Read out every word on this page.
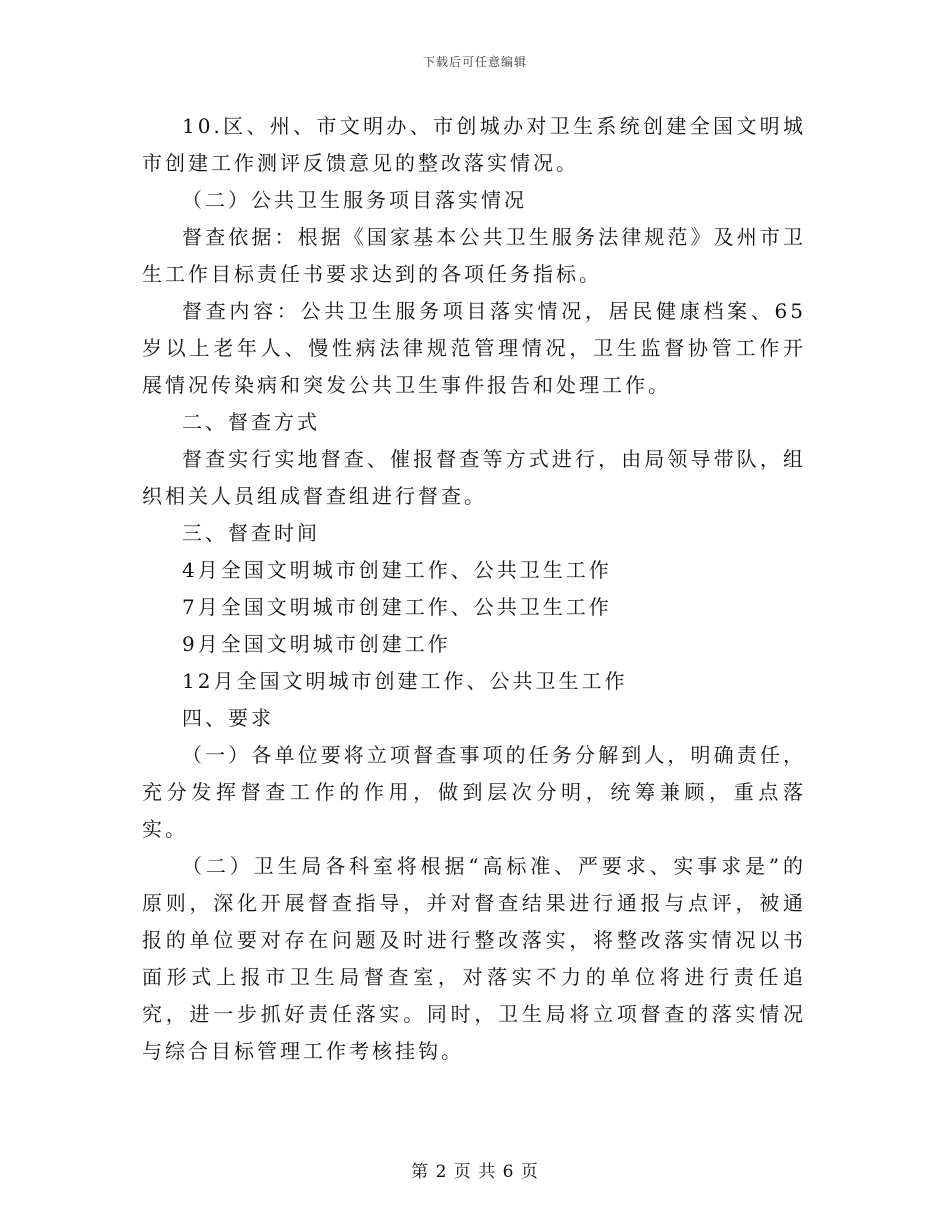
下载后可任意编辑

10.区、州、市文明办、市创城办对卫生系统创建全国文明城市创建工作测评反馈意见的整改落实情况。

（二）公共卫生服务项目落实情况

督查依据：根据《国家基本公共卫生服务法律规范》及州市卫生工作目标责任书要求达到的各项任务指标。

督查内容：公共卫生服务项目落实情况，居民健康档案、65岁以上老年人、慢性病法律规范管理情况，卫生监督协管工作开展情况传染病和突发公共卫生事件报告和处理工作。

二、督查方式

督查实行实地督查、催报督查等方式进行，由局领导带队，组织相关人员组成督查组进行督查。

三、督查时间

4月全国文明城市创建工作、公共卫生工作

7月全国文明城市创建工作、公共卫生工作

9月全国文明城市创建工作

12月全国文明城市创建工作、公共卫生工作

四、要求

（一）各单位要将立项督查事项的任务分解到人，明确责任，充分发挥督查工作的作用，做到层次分明，统筹兼顾，重点落实。

（二）卫生局各科室将根据“高标准、严要求、实事求是”的原则，深化开展督查指导，并对督查结果进行通报与点评，被通报的单位要对存在问题及时进行整改落实，将整改落实情况以书面形式上报市卫生局督查室，对落实不力的单位将进行责任追究，进一步抓好责任落实。同时，卫生局将立项督查的落实情况与综合目标管理工作考核挂钩。

第 2 页 共 6 页
